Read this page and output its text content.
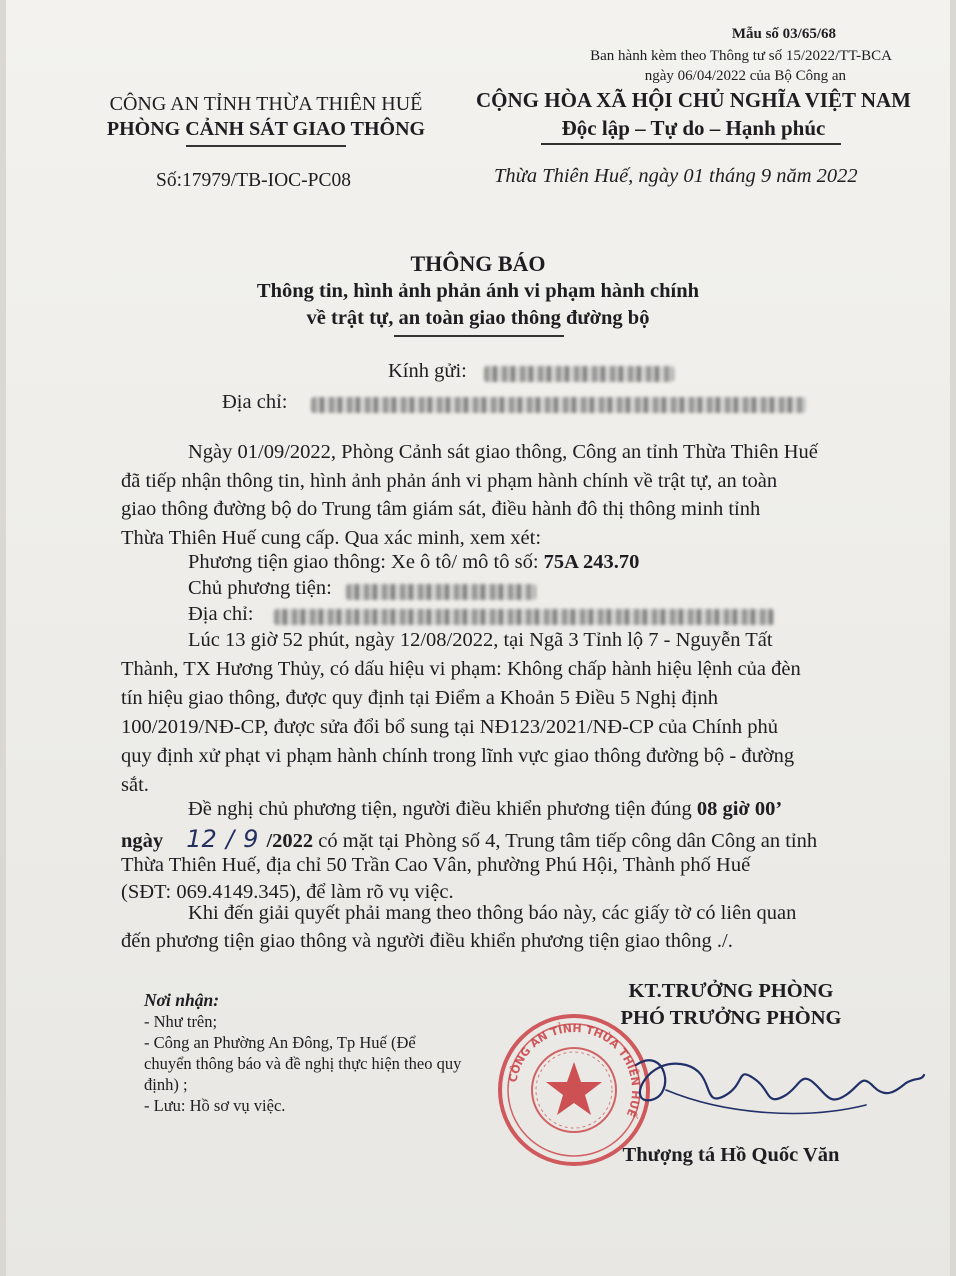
Mẫu số 03/65/68
Ban hành kèm theo Thông tư số 15/2022/TT-BCA
ngày 06/04/2022 của Bộ Công an
CÔNG AN TỈNH THỪA THIÊN HUẾ
PHÒNG CẢNH SÁT GIAO THÔNG
Số:17979/TB-IOC-PC08
CỘNG HÒA XÃ HỘI CHỦ NGHĨA VIỆT NAM
Độc lập – Tự do – Hạnh phúc
Thừa Thiên Huế, ngày 01 tháng 9 năm 2022
THÔNG BÁO
Thông tin, hình ảnh phản ánh vi phạm hành chính
về trật tự, an toàn giao thông đường bộ
Kính gửi:
Địa chỉ:
Ngày 01/09/2022, Phòng Cảnh sát giao thông, Công an tỉnh Thừa Thiên Huế
đã tiếp nhận thông tin, hình ảnh phản ánh vi phạm hành chính về trật tự, an toàn
giao thông đường bộ do Trung tâm giám sát, điều hành đô thị thông minh tỉnh
Thừa Thiên Huế cung cấp. Qua xác minh, xem xét:
Phương tiện giao thông: Xe ô tô/ mô tô số: 75A 243.70
Chủ phương tiện:
Địa chỉ:
Lúc 13 giờ 52 phút, ngày 12/08/2022, tại Ngã 3 Tỉnh lộ 7 - Nguyễn Tất
Thành, TX Hương Thủy, có dấu hiệu vi phạm: Không chấp hành hiệu lệnh của đèn
tín hiệu giao thông, được quy định tại Điểm a Khoản 5 Điều 5 Nghị định
100/2019/NĐ-CP, được sửa đổi bổ sung tại NĐ123/2021/NĐ-CP của Chính phủ
quy định xử phạt vi phạm hành chính trong lĩnh vực giao thông đường bộ - đường
sắt.
Đề nghị chủ phương tiện, người điều khiển phương tiện đúng 08 giờ 00’
ngày 12 / 9 /2022 có mặt tại Phòng số 4, Trung tâm tiếp công dân Công an tỉnh
Thừa Thiên Huế, địa chỉ 50 Trần Cao Vân, phường Phú Hội, Thành phố Huế
(SĐT: 069.4149.345), để làm rõ vụ việc.
Khi đến giải quyết phải mang theo thông báo này, các giấy tờ có liên quan
đến phương tiện giao thông và người điều khiển phương tiện giao thông ./.
Nơi nhận:
- Như trên;
- Công an Phường An Đông, Tp Huế (Để
chuyển thông báo và đề nghị thực hiện theo quy
định) ;
- Lưu: Hồ sơ vụ việc.
KT.TRƯỞNG PHÒNG
PHÓ TRƯỞNG PHÒNG
CÔNG AN TỈNH THỪA THIÊN HUẾ
Thượng tá Hồ Quốc Văn
